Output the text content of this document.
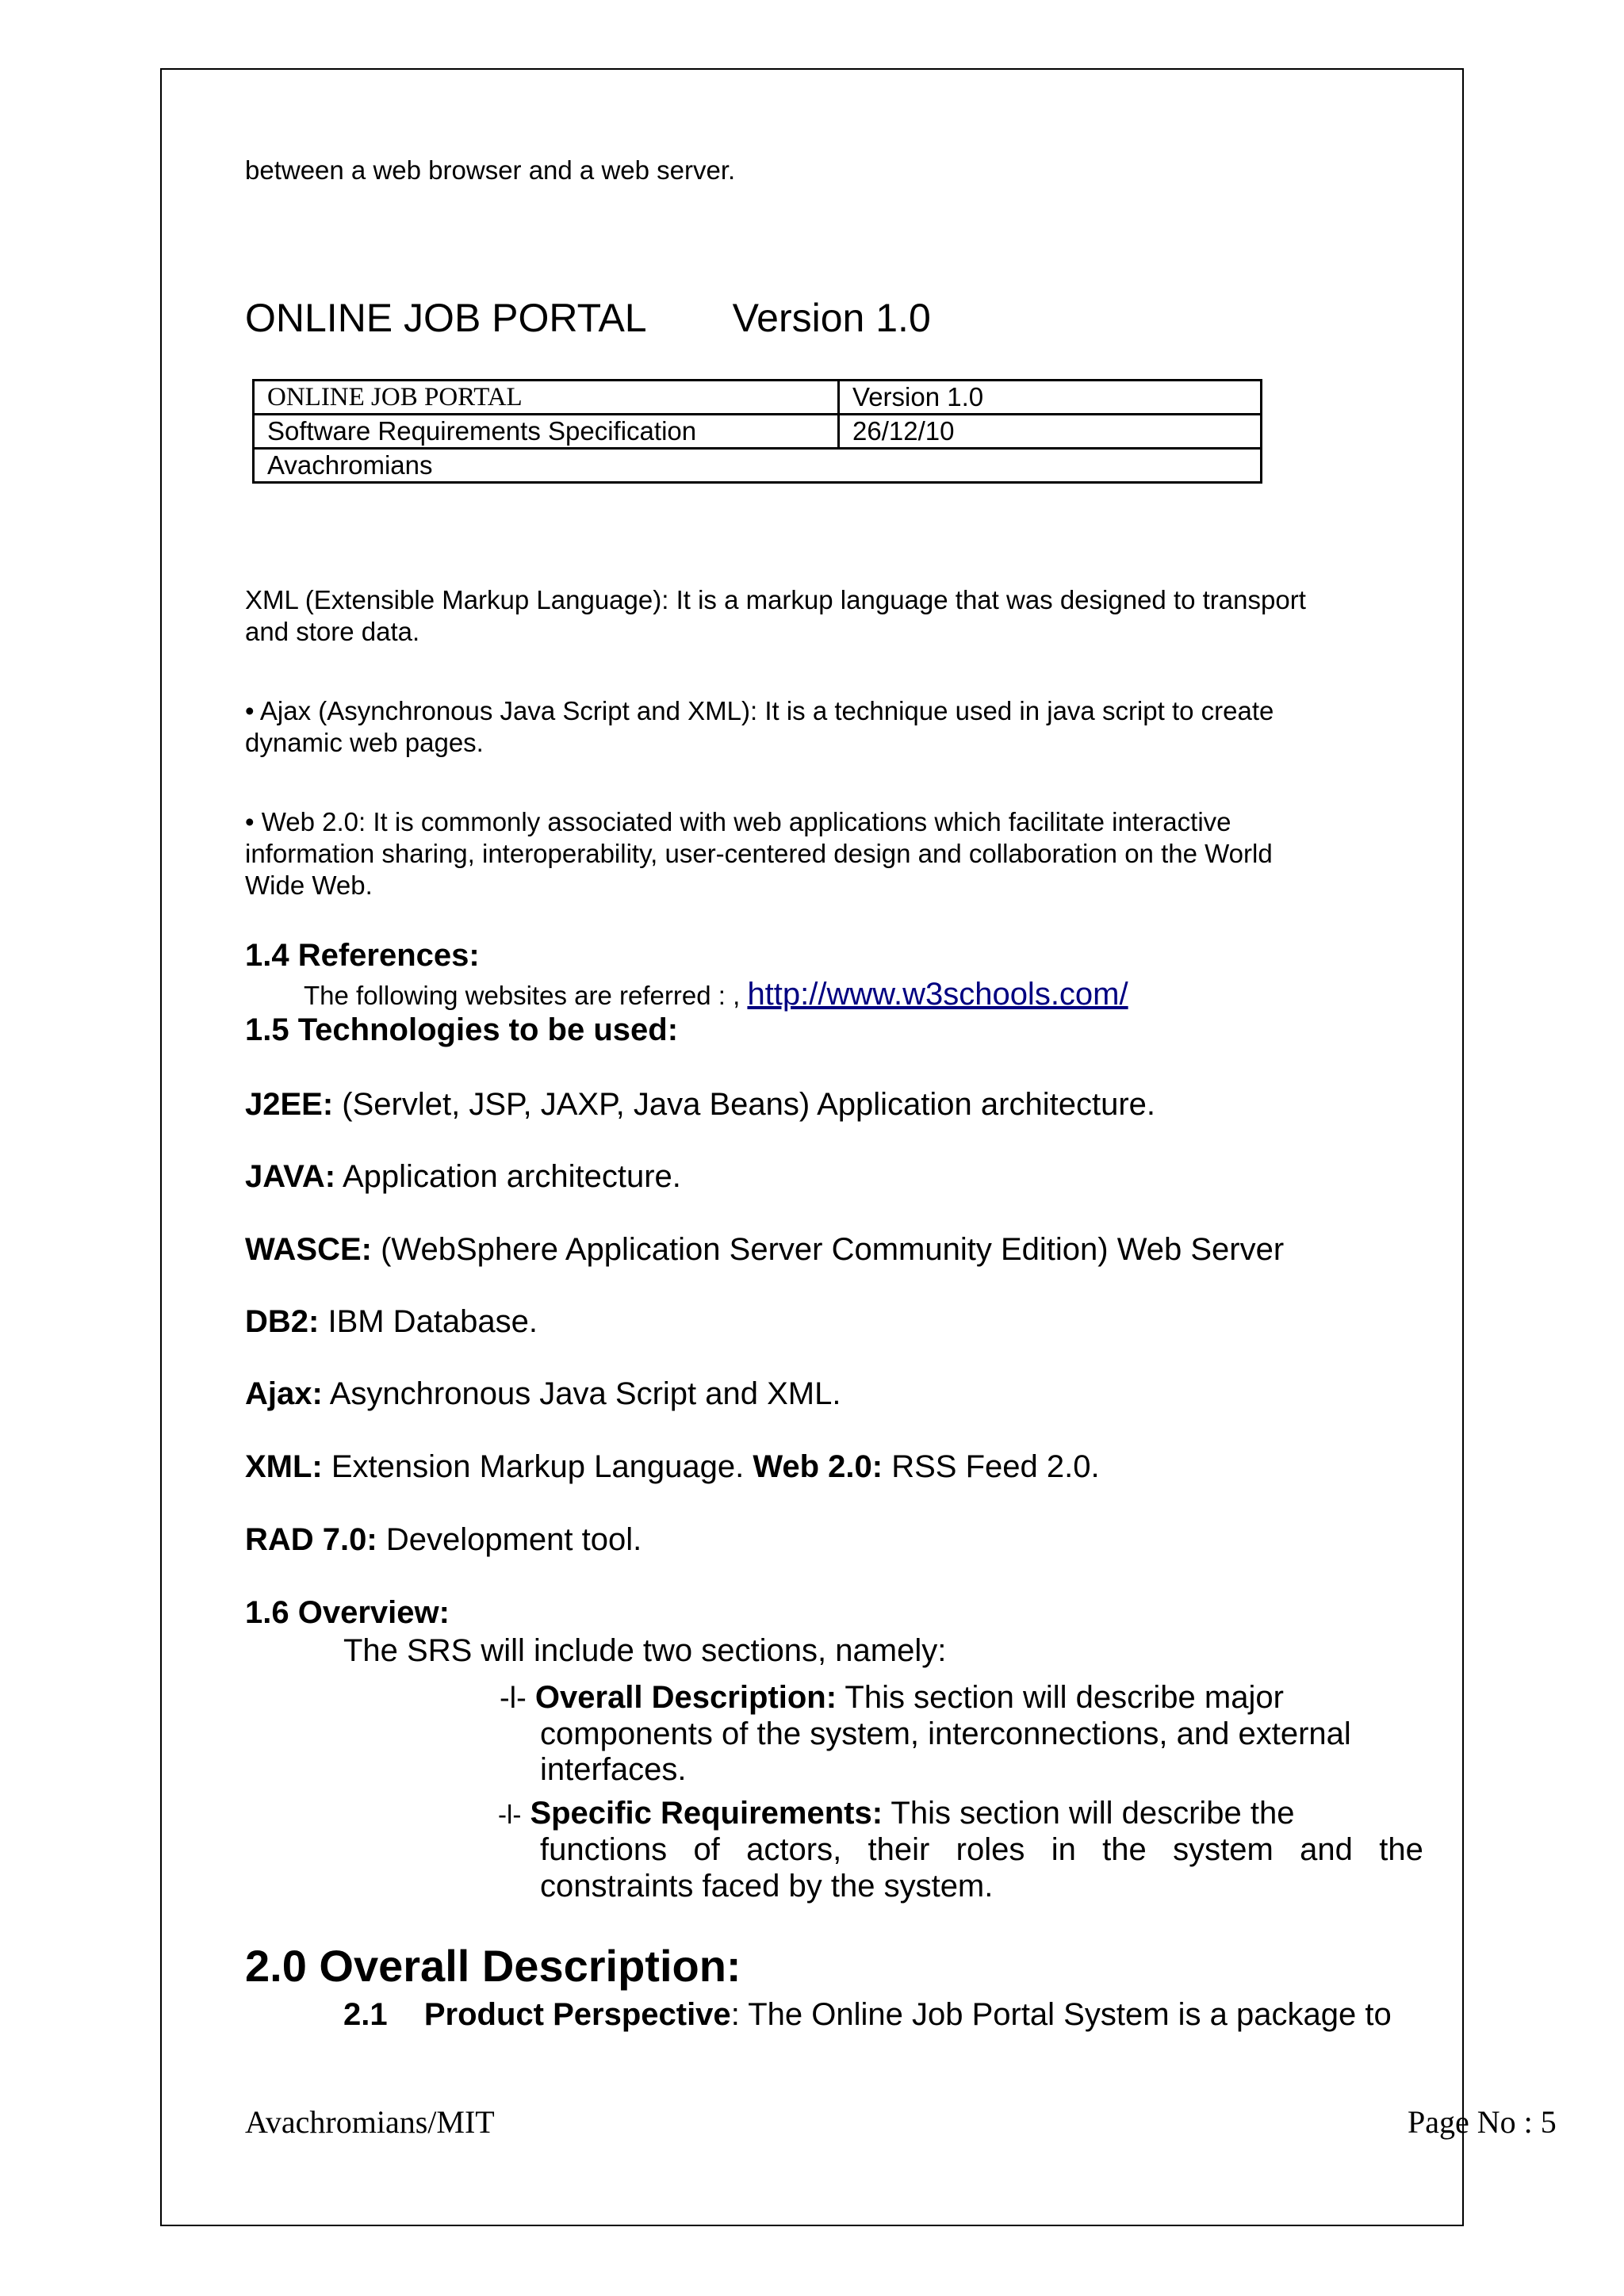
between a web browser and a web server.
ONLINE JOB PORTAL Version 1.0
ONLINE JOB PORTAL	Version 1.0
Software Requirements Specification	26/12/10
Avachromians	
XML (Extensible Markup Language): It is a markup language that was designed to transport
and store data.
• Ajax (Asynchronous Java Script and XML): It is a technique used in java script to create
dynamic web pages.
• Web 2.0: It is commonly associated with web applications which facilitate interactive
information sharing, interoperability, user-centered design and collaboration on the World
Wide Web.
1.4 References:
The following websites are referred : , http://www.w3schools.com/
1.5 Technologies to be used:
J2EE: (Servlet, JSP, JAXP, Java Beans) Application architecture.
JAVA: Application architecture.
WASCE: (WebSphere Application Server Community Edition) Web Server
DB2: IBM Database.
Ajax: Asynchronous Java Script and XML.
XML: Extension Markup Language. Web 2.0: RSS Feed 2.0.
RAD 7.0: Development tool.
1.6 Overview:
The SRS will include two sections, namely:
-l- Overall Description: This section will describe major
components of the system, interconnections, and external
interfaces.
-l- Specific Requirements: This section will describe the
functions   of   actors,   their   roles   in   the   system   and   the
constraints faced by the system.
2.0 Overall Description:
2.1 Product Perspective: The Online Job Portal System is a package to
Avachromians/MIT	Page No : 5
